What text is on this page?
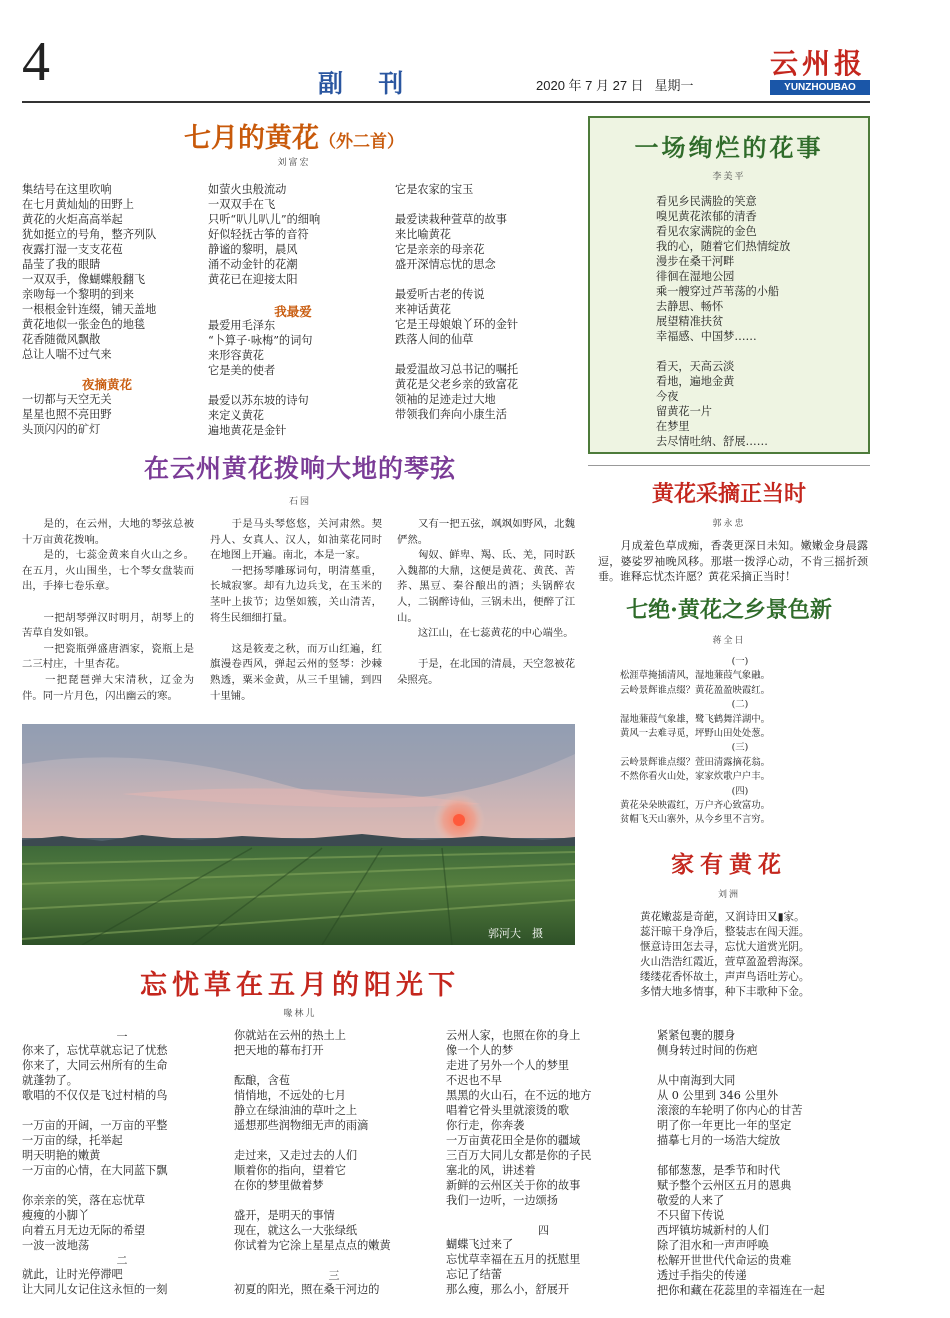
4	副  刊	2020 年 7 月 27 日   星期一
云州报
YUNZHOUBAO
七月的黄花（外二首）
刘富宏
集结号在这里吹响
在七月黄灿灿的田野上
黄花的火炬高高举起
犹如挺立的号角，整齐列队
夜露打湿一支支花苞
晶莹了我的眼睛
一双双手，像蝴蝶般翻飞
亲吻每一个黎明的到来
一根根金针连缀，铺天盖地
黄花地似一张金色的地毯
花香随微风飘散
总让人喘不过气来
夜摘黄花
一切都与天空无关
星星也照不亮田野
头顶闪闪的矿灯
如萤火虫般流动
一双双手在飞
只听“叭儿叭儿”的细响
好似轻抚古筝的音符
静谧的黎明，晨风
涌不动金针的花潮
黄花已在迎接太阳
我最爱
最爱用毛泽东
“卜算子·咏梅”的词句
来形容黄花
它是美的使者

最爱以苏东坡的诗句
来定义黄花
遍地黄花是金针
它是农家的宝玉

最爱读栽种萱草的故事
来比喻黄花
它是亲亲的母亲花
盛开深情忘忧的思念

最爱听古老的传说
来神话黄花
它是王母娘娘丫环的金针
跌落人间的仙草

最爱温故习总书记的嘱托
黄花是父老乡亲的致富花
领袖的足迹走过大地
带领我们奔向小康生活
一场绚烂的花事
李美平
看见乡民满脸的笑意
嗅见黄花浓郁的清香
看见农家满院的金色
我的心，随着它们热情绽放
漫步在桑干河畔
徘徊在湿地公园
乘一艘穿过芦苇荡的小船
去静思、畅怀
展望精准扶贫
幸福感、中国梦……

看天，天高云淡
看地，遍地金黄
今夜
留黄花一片
在梦里
去尽情吐纳、舒展……
在云州黄花拨响大地的琴弦
石园
　　是的，在云州，大地的琴弦总被十万亩黄花拨响。
　　是的，七蕊金黄来自火山之乡。在五月，火山围坐，七个琴女盘装而出，手捧七卷乐章。

　　一把胡琴弹汉时明月，胡琴上的苦草自发如银。
　　一把瓷瓶弹盛唐酒家，瓷瓶上是二三村庄，十里杏花。
　　一把琵琶弹大宋清秋，辽金为伴。同一片月色，闪出幽云的寒。
　　于是马头琴悠悠，关河肃然。契丹人、女真人、汉人，如油菜花同时在地图上开遍。南北，本是一家。
　　一把扬琴雕琢词句，明清墓重，长城寂寥。却有九边兵戈，在玉米的茎叶上拔节；边堡如簇，关山清苦，将生民细细打量。

　　这是筱麦之秋，而万山红遍，红旗漫卷西风，弹起云州的竖琴：沙棘熟透，粟米金黄，从三千里铺，到四十里铺。
　　又有一把五弦，飒飒如野风，北魏俨然。
　　匈奴、鲜卑、羯、氐、羌，同时跃入魏都的大鼎，这便是黄花、黄芪、苦荞、黑豆、秦谷酿出的酒；头锅醉农人，二锅醉诗仙，三锅未出，便醉了江山。
　　这江山，在七蕊黄花的中心端坐。

　　于是，在北国的清晨，天空忽被花朵照亮。
郭河大　摄
黄花采摘正当时
郭永忠
　　月成羞色草成痴，香袭更深日未知。嫩嫩金身晨露逗，婆娑罗袖晚风移。那堪一拨浮心动，不肯三摇折颈垂。谁释忘忧杰许愿？黄花采摘正当时！
七绝·黄花之乡景色新
蒋全日
(一)
松涯草掩插清风，湿地蒹葭气象融。
云岭景辉谁点缀？黄花盈盈映霞红。
(二)
湿地蒹葭气象雄，鹭飞鹤舞洋湖中。
黄风一去难寻觅，坪野山田处处葱。
(三)
云岭景辉谁点缀？萱田清露摘花翁。
不然你看火山处，家家炊歌户户丰。
(四)
黄花朵朵映霞红，万户齐心致富功。
贫帽飞天山寨外，从今乡里不言穷。
家有黄花
刘洲
黄花嫩蕊是奇葩，又润诗田又▮家。
蕊汗晾干身净后，整装志在闯天涯。
惬意诗田怎去寻，忘忧大道赏光阴。
火山浩浩红霞近，萱草盈盈碧海深。
缕缕花香怀故土，声声鸟语吐芳心。
多情大地多情事，种下丰歌种下金。
忘忧草在五月的阳光下
喙林儿
一
你来了，忘忧草就忘记了忧愁
你来了，大同云州所有的生命
就蓬勃了。
歌唱的不仅仅是飞过村梢的鸟

一万亩的开阔，一万亩的平整
一万亩的绿，托举起
明天明艳的嫩黄
一万亩的心情，在大同蓝下飘

你亲亲的笑，落在忘忧草
瘦瘦的小脚丫
向着五月无边无际的希望
一波一波地荡
二
就此，让时光停滞吧
让大同儿女记住这永恒的一刻
你就站在云州的热土上
把天地的幕布打开

酝酿，含苞
悄悄地，不远处的七月
静立在绿油油的草叶之上
遥想那些润物细无声的雨滴

走过来，又走过去的人们
顺着你的指向，望着它
在你的梦里做着梦

盛开，是明天的事情
现在，就这么一大张绿纸
你试着为它涂上星星点点的嫩黄
三
初夏的阳光，照在桑干河边的
云州人家，也照在你的身上
像一个人的梦
走进了另外一个人的梦里
不迟也不早
黑黑的火山石，在不远的地方
唱着它骨头里就滚烫的歌
你行走，你奔袭
一万亩黄花田全是你的疆域
三百万大同儿女都是你的子民
塞北的风，讲述着
新鲜的云州区关于你的故事
我们一边听，一边颂扬
四
蝴蝶飞过来了
忘忧草幸福在五月的抚慰里
忘记了结蕾
那么瘦，那么小，舒展开
紧紧包裹的腰身
侧身转过时间的伤疤

从中南海到大同
从 0 公里到 346 公里外
滚滚的车轮明了你内心的甘苦
明了你一年更比一年的坚定
描摹七月的一场浩大绽放

郁郁葱葱，是季节和时代
赋予整个云州区五月的恩典
敬爱的人来了
不只留下传说
西坪镇坊城新村的人们
除了泪水和一声声呼唤
松解开世世代代命运的贵难
透过手指尖的传递
把你和藏在花蕊里的幸福连在一起
